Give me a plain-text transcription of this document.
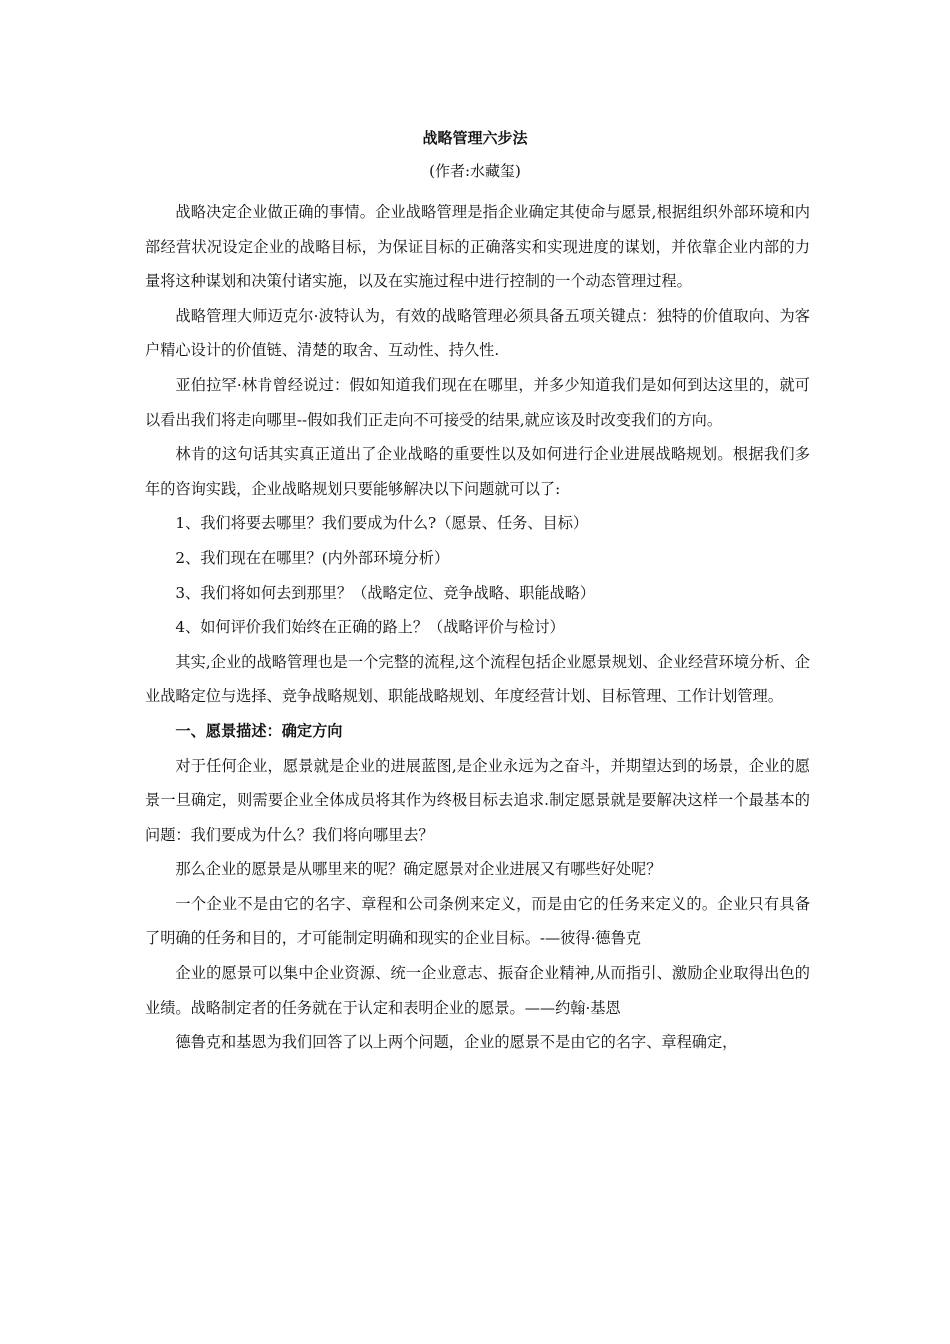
战略管理六步法
(作者:水藏玺)

战略决定企业做正确的事情。企业战略管理是指企业确定其使命与愿景,根据组织外部环境和内部经营状况设定企业的战略目标，为保证目标的正确落实和实现进度的谋划，并依靠企业内部的力量将这种谋划和决策付诸实施，以及在实施过程中进行控制的一个动态管理过程。

战略管理大师迈克尔·波特认为，有效的战略管理必须具备五项关键点：独特的价值取向、为客户精心设计的价值链、清楚的取舍、互动性、持久性.

亚伯拉罕·林肯曾经说过：假如知道我们现在在哪里，并多少知道我们是如何到达这里的，就可以看出我们将走向哪里--假如我们正走向不可接受的结果,就应该及时改变我们的方向。

林肯的这句话其实真正道出了企业战略的重要性以及如何进行企业进展战略规划。根据我们多年的咨询实践，企业战略规划只要能够解决以下问题就可以了:

1、我们将要去哪里？我们要成为什么?（愿景、任务、目标）

2、我们现在在哪里？(内外部环境分析）

3、我们将如何去到那里？（战略定位、竞争战略、职能战略）

4、如何评价我们始终在正确的路上？（战略评价与检讨）

其实,企业的战略管理也是一个完整的流程,这个流程包括企业愿景规划、企业经营环境分析、企业战略定位与选择、竞争战略规划、职能战略规划、年度经营计划、目标管理、工作计划管理。

一、愿景描述：确定方向

对于任何企业，愿景就是企业的进展蓝图,是企业永远为之奋斗，并期望达到的场景，企业的愿景一旦确定，则需要企业全体成员将其作为终极目标去追求.制定愿景就是要解决这样一个最基本的问题：我们要成为什么？我们将向哪里去？

那么企业的愿景是从哪里来的呢？确定愿景对企业进展又有哪些好处呢？

一个企业不是由它的名字、章程和公司条例来定义，而是由它的任务来定义的。企业只有具备了明确的任务和目的，才可能制定明确和现实的企业目标。-—彼得·德鲁克

企业的愿景可以集中企业资源、统一企业意志、振奋企业精神,从而指引、激励企业取得出色的业绩。战略制定者的任务就在于认定和表明企业的愿景。——约翰·基恩

德鲁克和基恩为我们回答了以上两个问题，企业的愿景不是由它的名字、章程确定，
